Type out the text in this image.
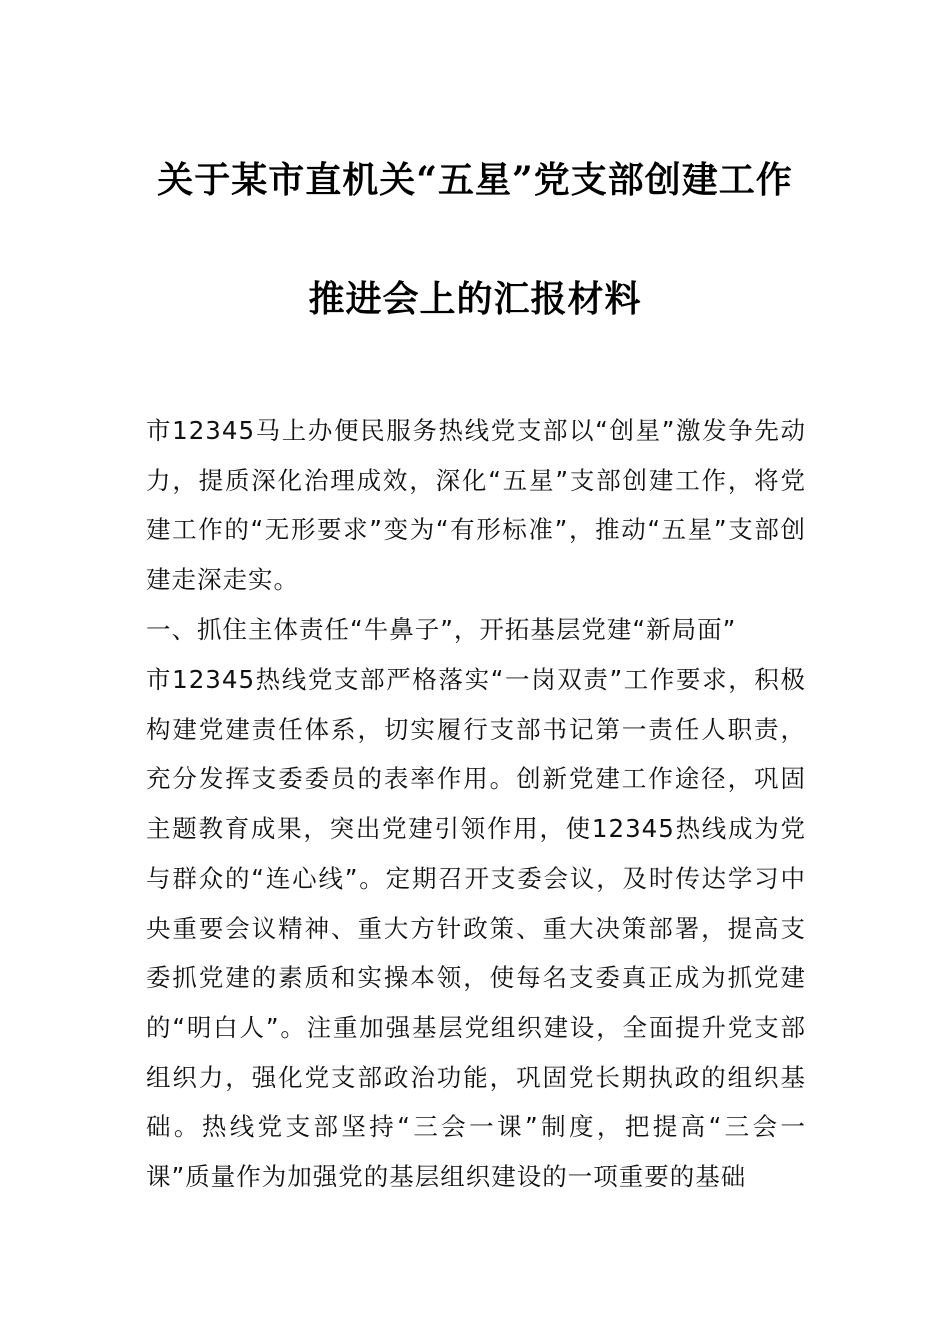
关于某市直机关“五星”党支部创建工作
推进会上的汇报材料

市12345马上办便民服务热线党支部以“创星”激发争先动力，提质深化治理成效，深化“五星”支部创建工作，将党建工作的“无形要求”变为“有形标准”，推动“五星”支部创建走深走实。

一、抓住主体责任“牛鼻子”，开拓基层党建“新局面”

市12345热线党支部严格落实“一岗双责”工作要求，积极构建党建责任体系，切实履行支部书记第一责任人职责，充分发挥支委委员的表率作用。创新党建工作途径，巩固主题教育成果，突出党建引领作用，使12345热线成为党与群众的“连心线”。定期召开支委会议，及时传达学习中央重要会议精神、重大方针政策、重大决策部署，提高支委抓党建的素质和实操本领，使每名支委真正成为抓党建的“明白人”。注重加强基层党组织建设，全面提升党支部组织力，强化党支部政治功能，巩固党长期执政的组织基础。热线党支部坚持“三会一课”制度，把提高“三会一课”质量作为加强党的基层组织建设的一项重要的基础
